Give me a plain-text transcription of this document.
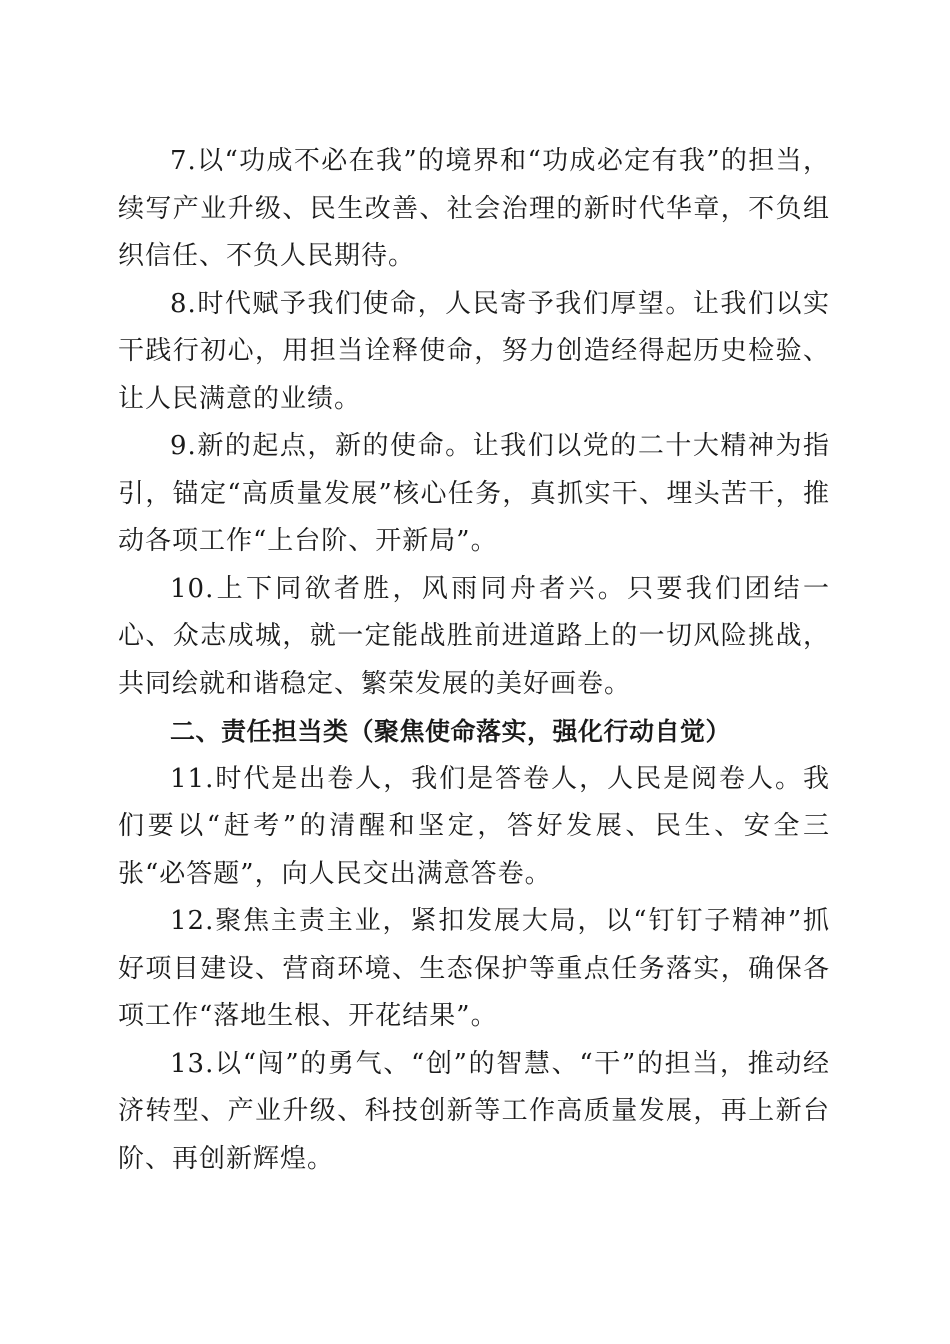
7.以“功成不必在我”的境界和“功成必定有我”的担当，续写产业升级、民生改善、社会治理的新时代华章，不负组织信任、不负人民期待。

8.时代赋予我们使命，人民寄予我们厚望。让我们以实干践行初心，用担当诠释使命，努力创造经得起历史检验、让人民满意的业绩。

9.新的起点，新的使命。让我们以党的二十大精神为指引，锚定“高质量发展”核心任务，真抓实干、埋头苦干，推动各项工作“上台阶、开新局”。

10.上下同欲者胜，风雨同舟者兴。只要我们团结一心、众志成城，就一定能战胜前进道路上的一切风险挑战，共同绘就和谐稳定、繁荣发展的美好画卷。

二、责任担当类（聚焦使命落实，强化行动自觉）

11.时代是出卷人，我们是答卷人，人民是阅卷人。我们要以“赶考”的清醒和坚定，答好发展、民生、安全三张“必答题”，向人民交出满意答卷。

12.聚焦主责主业，紧扣发展大局，以“钉钉子精神”抓好项目建设、营商环境、生态保护等重点任务落实，确保各项工作“落地生根、开花结果”。

13.以“闯”的勇气、“创”的智慧、“干”的担当，推动经济转型、产业升级、科技创新等工作高质量发展，再上新台阶、再创新辉煌。
